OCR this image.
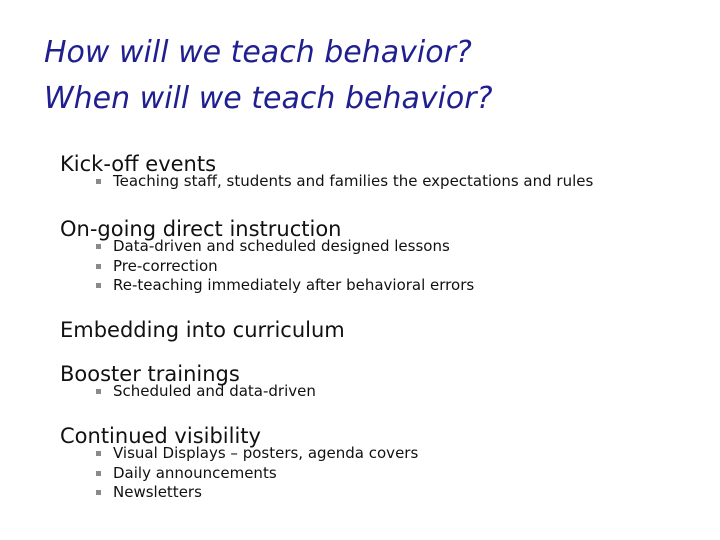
How will we teach behavior?
When will we teach behavior?
Kick-off events
Teaching staff, students and families the expectations and rules
On-going direct instruction
Data-driven and scheduled designed lessons
Pre-correction
Re-teaching immediately after behavioral errors
Embedding into curriculum
Booster trainings
Scheduled and data-driven
Continued visibility
Visual Displays – posters, agenda covers
Daily announcements
Newsletters
